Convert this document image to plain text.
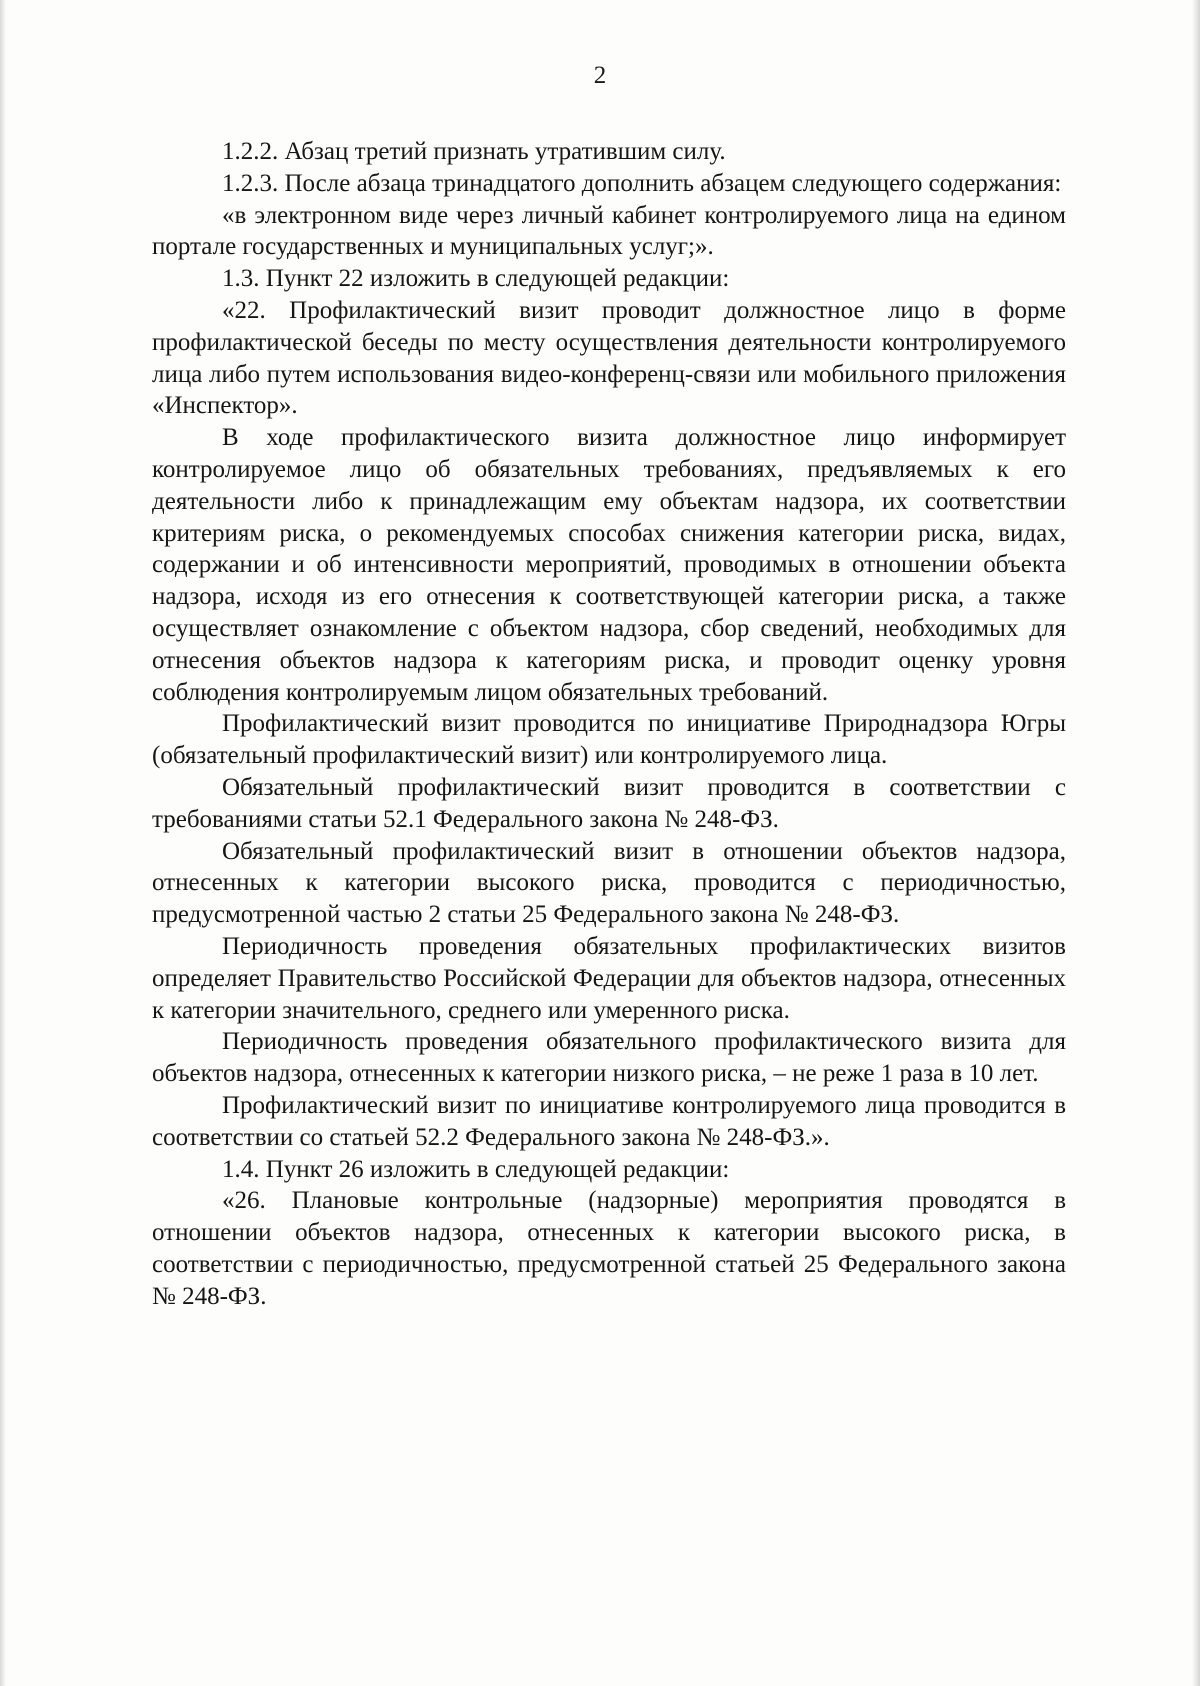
2

1.2.2. Абзац третий признать утратившим силу.

1.2.3. После абзаца тринадцатого дополнить абзацем следующего содержания:

«в электронном виде через личный кабинет контролируемого лица на едином портале государственных и муниципальных услуг;».

1.3. Пункт 22 изложить в следующей редакции:

«22. Профилактический визит проводит должностное лицо в форме профилактической беседы по месту осуществления деятельности контролируемого лица либо путем использования видео-конференц-связи или мобильного приложения «Инспектор».

В ходе профилактического визита должностное лицо информирует контролируемое лицо об обязательных требованиях, предъявляемых к его деятельности либо к принадлежащим ему объектам надзора, их соответствии критериям риска, о рекомендуемых способах снижения категории риска, видах, содержании и об интенсивности мероприятий, проводимых в отношении объекта надзора, исходя из его отнесения к соответствующей категории риска, а также осуществляет ознакомление с объектом надзора, сбор сведений, необходимых для отнесения объектов надзора к категориям риска, и проводит оценку уровня соблюдения контролируемым лицом обязательных требований.

Профилактический визит проводится по инициативе Природнадзора Югры (обязательный профилактический визит) или контролируемого лица.

Обязательный профилактический визит проводится в соответствии с требованиями статьи 52.1 Федерального закона № 248-ФЗ.

Обязательный профилактический визит в отношении объектов надзора, отнесенных к категории высокого риска, проводится с периодичностью, предусмотренной частью 2 статьи 25 Федерального закона № 248-ФЗ.

Периодичность проведения обязательных профилактических визитов определяет Правительство Российской Федерации для объектов надзора, отнесенных к категории значительного, среднего или умеренного риска.

Периодичность проведения обязательного профилактического визита для объектов надзора, отнесенных к категории низкого риска, – не реже 1 раза в 10 лет.

Профилактический визит по инициативе контролируемого лица проводится в соответствии со статьей 52.2 Федерального закона № 248-ФЗ.».

1.4. Пункт 26 изложить в следующей редакции:

«26. Плановые контрольные (надзорные) мероприятия проводятся в отношении объектов надзора, отнесенных к категории высокого риска, в соответствии с периодичностью, предусмотренной статьей 25 Федерального закона № 248-ФЗ.
